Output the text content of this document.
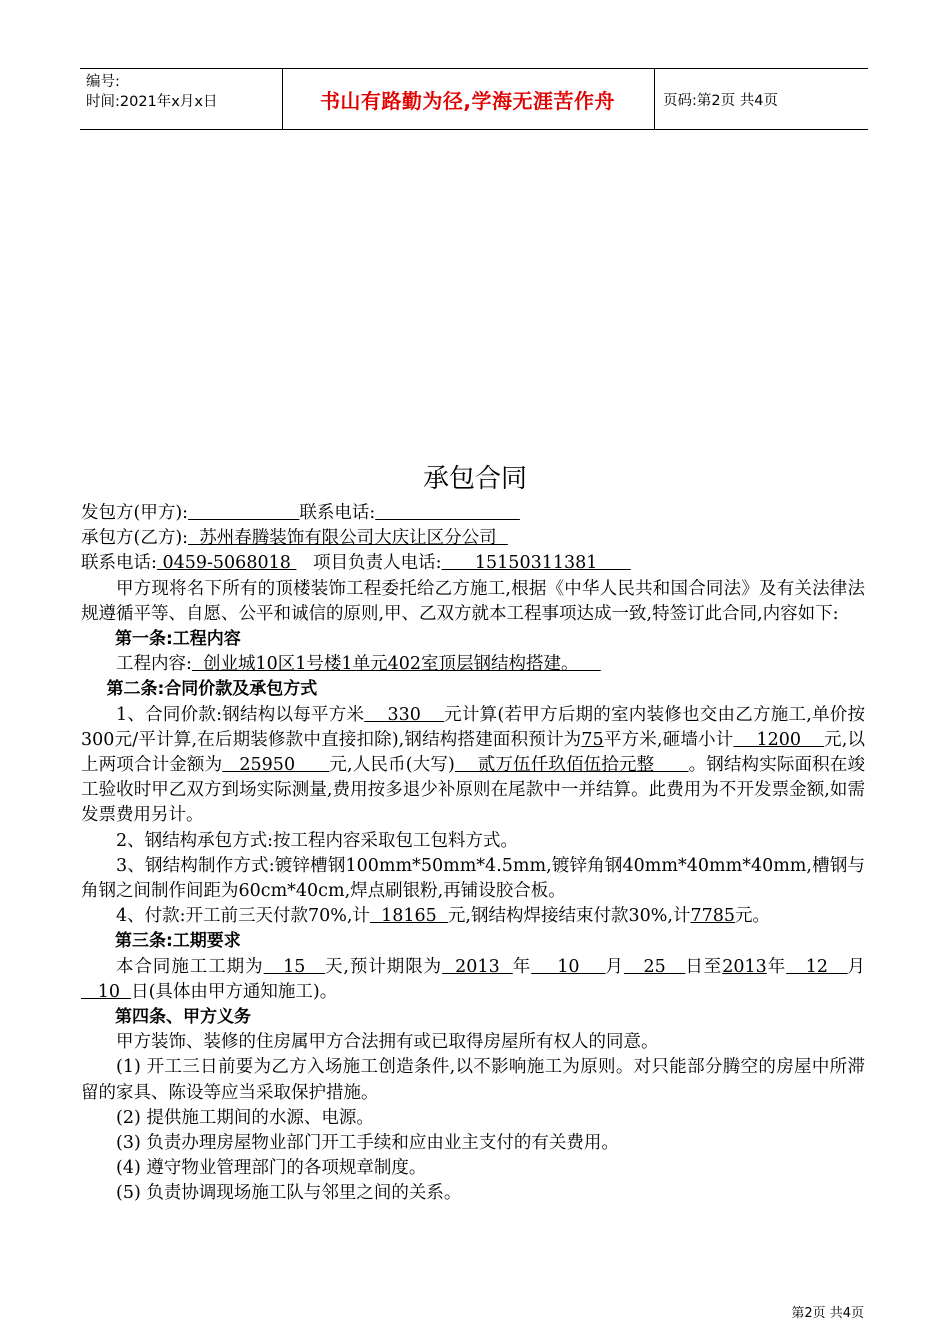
编号:
时间:2021年x月x日	书山有路勤为径,学海无涯苦作舟	页码:第2页 共4页
承包合同

发包方(甲方):	联系电话:

承包方(乙方):  苏州春腾装饰有限公司大庆让区分公司

联系电话: 0459-5068018    项目负责人电话:      15150311381

甲方现将名下所有的顶楼装饰工程委托给乙方施工,根据《中华人民共和国合同法》及有关法律法规遵循平等、自愿、公平和诚信的原则,甲、乙双方就本工程事项达成一致,特签订此合同,内容如下:

第一条:工程内容

工程内容:  创业城10区1号楼1单元402室顶层钢结构搭建。

第二条:合同价款及承包方式

1、合同价款:钢结构以每平方米    330    元计算(若甲方后期的室内装修也交由乙方施工,单价按300元/平计算,在后期装修款中直接扣除),钢结构搭建面积预计为75平方米,砸墙小计    1200    元,以上两项合计金额为   25950      元,人民币(大写)    贰万伍仟玖佰伍拾元整      。钢结构实际面积在竣工验收时甲乙双方到场实际测量,费用按多退少补原则在尾款中一并结算。此费用为不开发票金额,如需发票费用另计。

2、钢结构承包方式:按工程内容采取包工包料方式。

3、钢结构制作方式:镀锌槽钢100mm*50mm*4.5mm,镀锌角钢40mm*40mm*40mm,槽钢与角钢之间制作间距为60cm*40cm,焊点刷银粉,再铺设胶合板。

4、付款:开工前三天付款70%,计  18165  元,钢结构焊接结束付款30%,计7785元。

第三条:工期要求

本合同施工工期为   15   天,预计期限为  2013  年    10    月   25   日至2013年   12   月   10  日(具体由甲方通知施工)。

第四条、甲方义务

甲方装饰、装修的住房属甲方合法拥有或已取得房屋所有权人的同意。

(1) 开工三日前要为乙方入场施工创造条件,以不影响施工为原则。对只能部分腾空的房屋中所滞留的家具、陈设等应当采取保护措施。

(2) 提供施工期间的水源、电源。

(3) 负责办理房屋物业部门开工手续和应由业主支付的有关费用。

(4) 遵守物业管理部门的各项规章制度。

(5) 负责协调现场施工队与邻里之间的关系。

第2页 共4页
